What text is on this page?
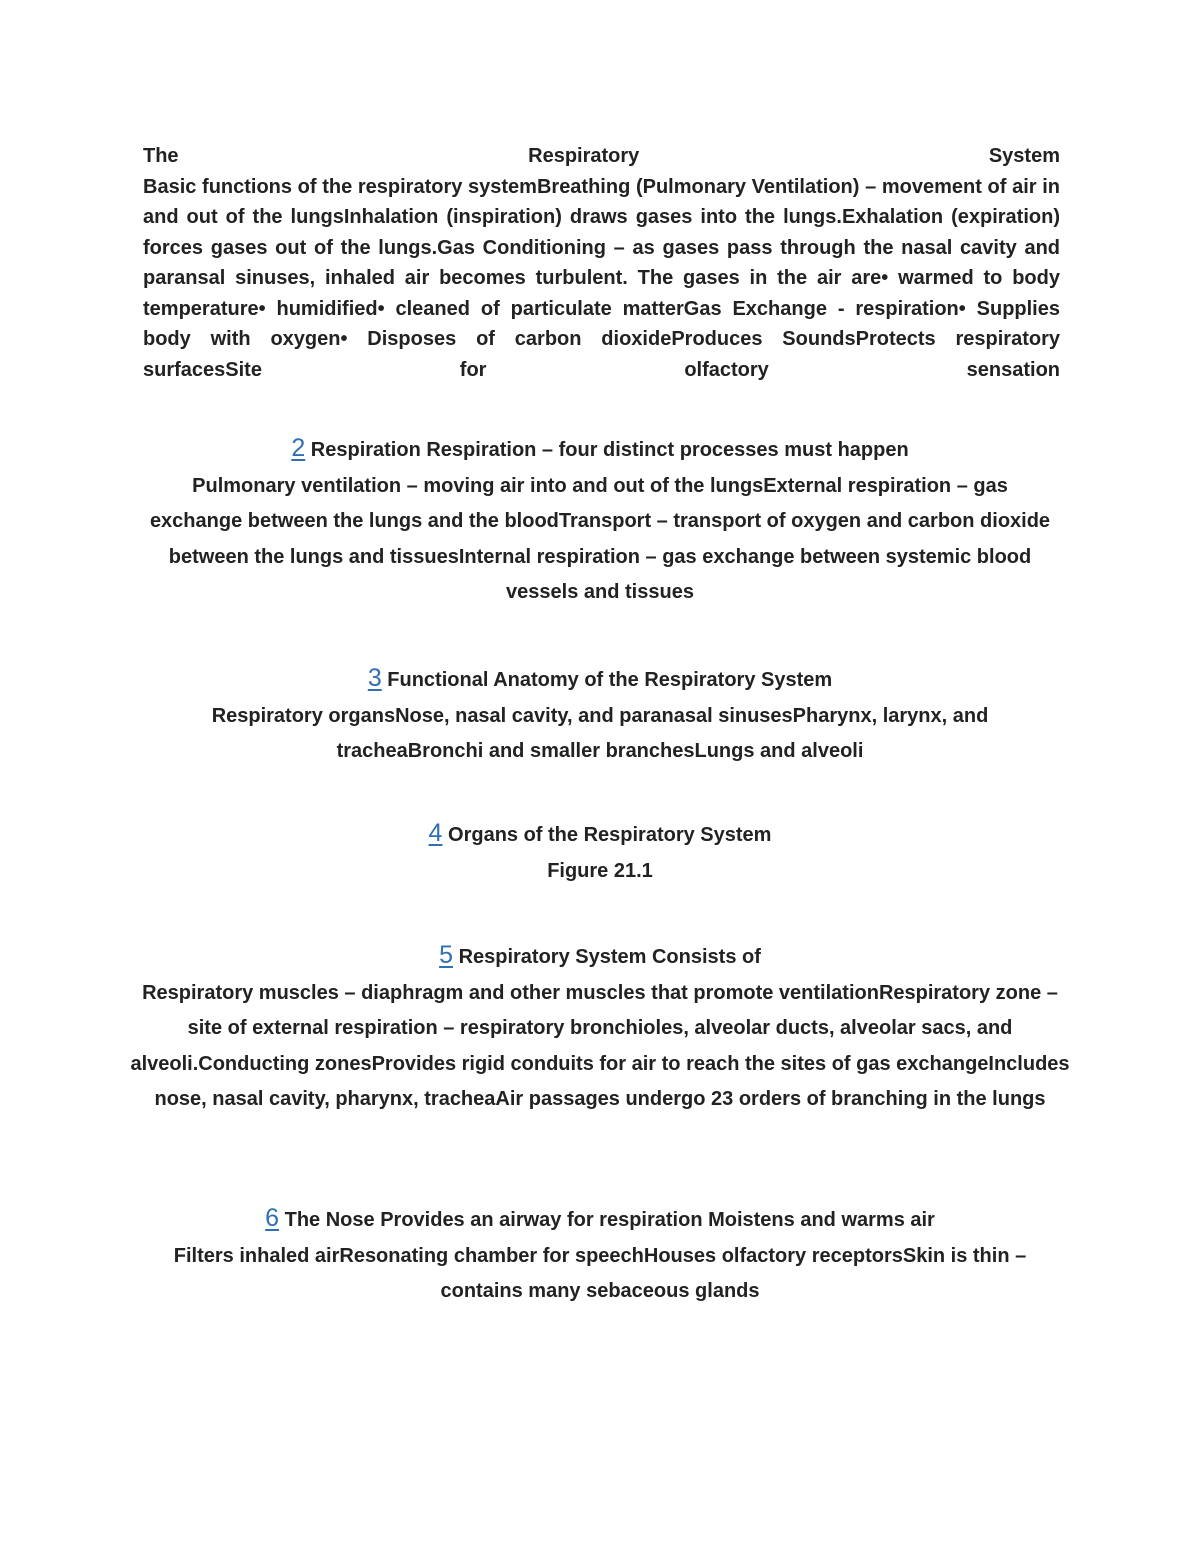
The	Respiratory	System

Basic functions of the respiratory systemBreathing (Pulmonary Ventilation) – movement of air in and out of the lungsInhalation (inspiration) draws gases into the lungs.Exhalation (expiration) forces gases out of the lungs.Gas Conditioning – as gases pass through the nasal cavity and paransal sinuses, inhaled air becomes turbulent. The gases in the air are• warmed to body temperature• humidified• cleaned of particulate matterGas Exchange - respiration• Supplies body with oxygen• Disposes of carbon dioxideProduces SoundsProtects respiratory surfacesSite for olfactory sensation

2 Respiration Respiration – four distinct processes must happen

Pulmonary ventilation – moving air into and out of the lungsExternal respiration – gas exchange between the lungs and the bloodTransport – transport of oxygen and carbon dioxide between the lungs and tissuesInternal respiration – gas exchange between systemic blood vessels and tissues

3 Functional Anatomy of the Respiratory System

Respiratory organsNose, nasal cavity, and paranasal sinusesPharynx, larynx, and tracheaBronchi and smaller branchesLungs and alveoli

4 Organs of the Respiratory System

Figure 21.1

5 Respiratory System Consists of

Respiratory muscles – diaphragm and other muscles that promote ventilationRespiratory zone – site of external respiration – respiratory bronchioles, alveolar ducts, alveolar sacs, and alveoli.Conducting zonesProvides rigid conduits for air to reach the sites of gas exchangeIncludes nose, nasal cavity, pharynx, tracheaAir passages undergo 23 orders of branching in the lungs

6 The Nose Provides an airway for respiration Moistens and warms air

Filters inhaled airResonating chamber for speechHouses olfactory receptorsSkin is thin – contains many sebaceous glands
